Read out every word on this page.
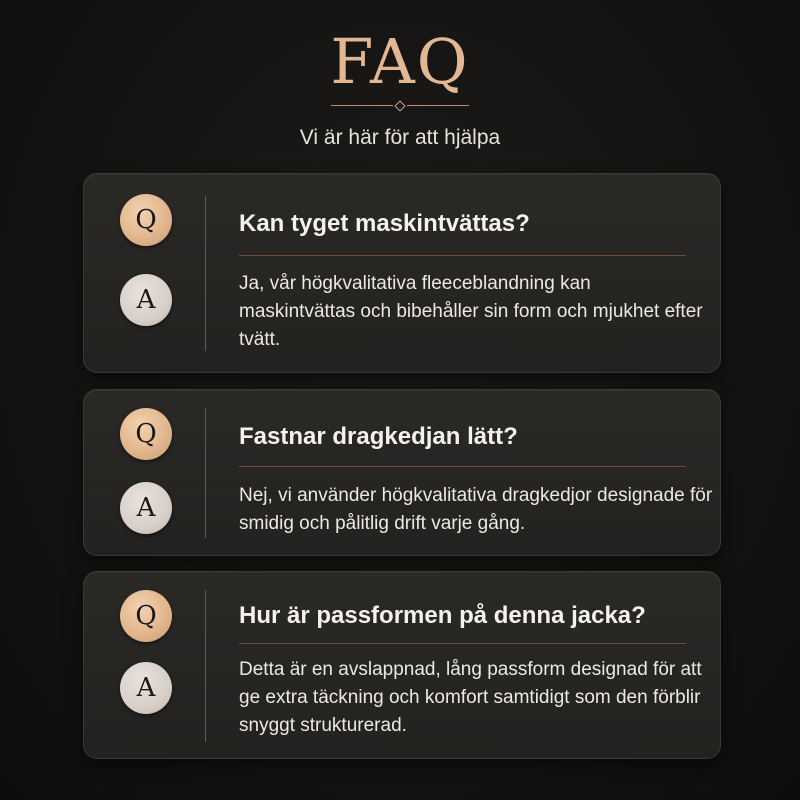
FAQ
Vi är här för att hjälpa
Q
A
Kan tyget maskintvättas?
Ja, vår högkvalitativa fleeceblandning kan maskintvättas och bibehåller sin form och mjukhet efter tvätt.
Q
A
Fastnar dragkedjan lätt?
Nej, vi använder högkvalitativa dragkedjor designade för smidig och pålitlig drift varje gång.
Q
A
Hur är passformen på denna jacka?
Detta är en avslappnad, lång passform designad för att ge extra täckning och komfort samtidigt som den förblir snyggt strukturerad.
